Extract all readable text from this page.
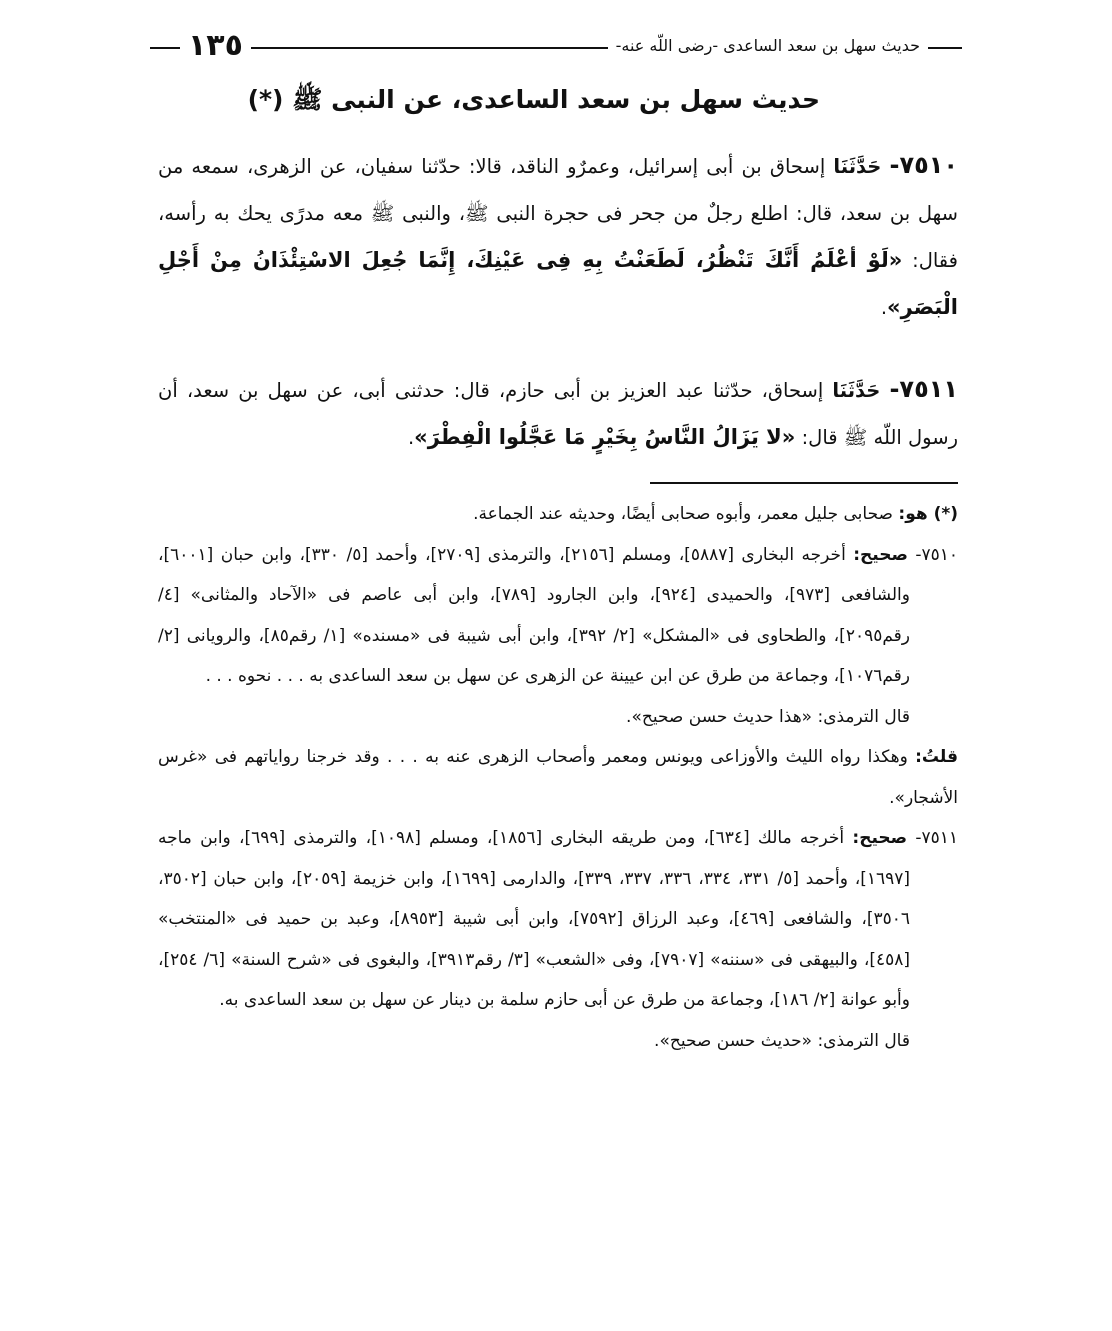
١٣٥	حديث سهل بن سعد الساعدى -رضى اللّه عنه-
حديث سهل بن سعد الساعدى، عن النبى ﷺ (*)

٧٥١٠- حَدَّثَنَا إسحاق بن أبى إسرائيل، وعمرٌو الناقد، قالا: حدّثنا سفيان، عن الزهرى، سمعه من سهل بن سعد، قال: اطلع رجلٌ من جحر فى حجرة النبى ﷺ، والنبى ﷺ معه مدرًى يحك به رأسه، فقال: «لَوْ أعْلَمُ أَنَّكَ تَنْظُرُ، لَطَعَنْتُ بِهِ فِى عَيْنِكَ، إِنَّمَا جُعِلَ الاسْتِئْذَانُ مِنْ أَجْلِ الْبَصَرِ».

٧٥١١- حَدَّثَنَا إسحاق، حدّثنا عبد العزيز بن أبى حازم، قال: حدثنى أبى، عن سهل بن سعد، أن رسول اللّه ﷺ قال: «لا يَزَالُ النَّاسُ بِخَيْرٍ مَا عَجَّلُوا الْفِطْرَ».

(*) هو: صحابى جليل معمر، وأبوه صحابى أيضًا، وحديثه عند الجماعة.

٧٥١٠- صحيح: أخرجه البخارى [٥٨٨٧]، ومسلم [٢١٥٦]، والترمذى [٢٧٠٩]، وأحمد [٥/ ٣٣٠]، وابن حبان [٦٠٠١]، والشافعى [٩٧٣]، والحميدى [٩٢٤]، وابن الجارود [٧٨٩]، وابن أبى عاصم فى «الآحاد والمثانى» [٤/ رقم٢٠٩٥]، والطحاوى فى «المشكل» [٢/ ٣٩٢]، وابن أبى شيبة فى «مسنده» [١/ رقم٨٥]، والرويانى [٢/ رقم١٠٧٦]، وجماعة من طرق عن ابن عيينة عن الزهرى عن سهل بن سعد الساعدى به . . . نحوه . . .

قال الترمذى: «هذا حديث حسن صحيح».

قلتُ: وهكذا رواه الليث والأوزاعى ويونس ومعمر وأصحاب الزهرى عنه به . . . وقد خرجنا رواياتهم فى «غرس الأشجار».

٧٥١١- صحيح: أخرجه مالك [٦٣٤]، ومن طريقه البخارى [١٨٥٦]، ومسلم [١٠٩٨]، والترمذى [٦٩٩]، وابن ماجه [١٦٩٧]، وأحمد [٥/ ٣٣١، ٣٣٤، ٣٣٦، ٣٣٧، ٣٣٩]، والدارمى [١٦٩٩]، وابن خزيمة [٢٠٥٩]، وابن حبان [٣٥٠٢، ٣٥٠٦]، والشافعى [٤٦٩]، وعبد الرزاق [٧٥٩٢]، وابن أبى شيبة [٨٩٥٣]، وعبد بن حميد فى «المنتخب» [٤٥٨]، والبيهقى فى «سننه» [٧٩٠٧]، وفى «الشعب» [٣/ رقم٣٩١٣]، والبغوى فى «شرح السنة» [٦/ ٢٥٤]، وأبو عوانة [٢/ ١٨٦]، وجماعة من طرق عن أبى حازم سلمة بن دينار عن سهل بن سعد الساعدى به.

قال الترمذى: «حديث حسن صحيح».
